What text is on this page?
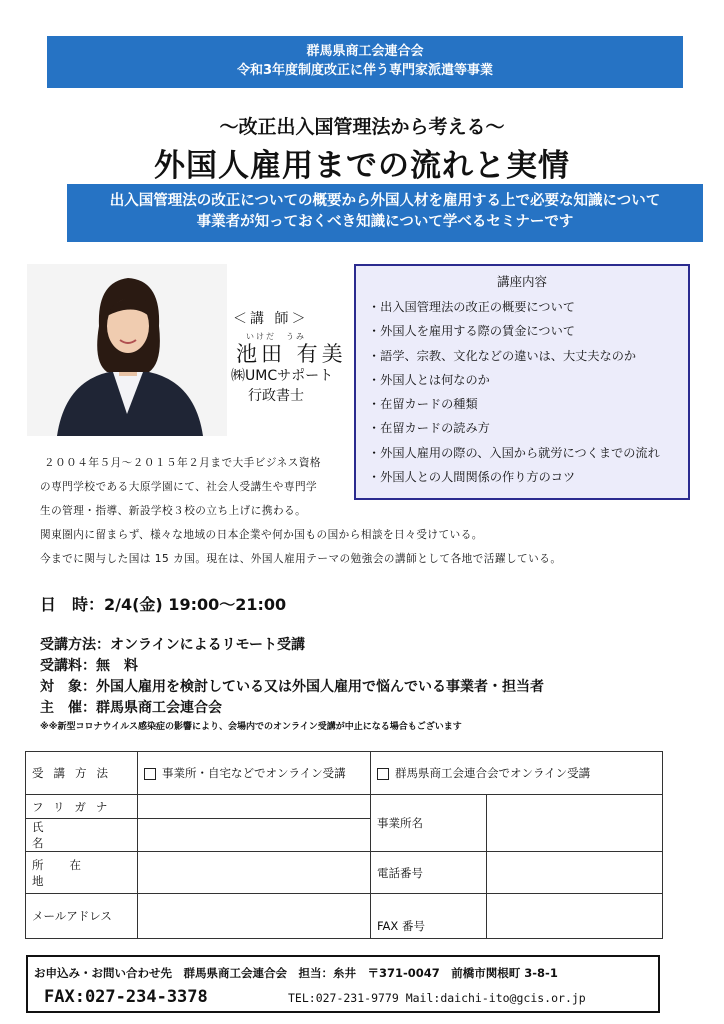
群馬県商工会連合会
令和3年度制度改正に伴う専門家派遣等事業
～改正出入国管理法から考える～
外国人雇用までの流れと実情
出入国管理法の改正についての概要から外国人材を雇用する上で必要な知識について
事業者が知っておくべき知識について学べるセミナーです
＜講 師＞
いけだ　うみ
池田 有美
㈱UMCサポート
行政書士
講座内容
・出入国管理法の改正の概要について
・外国人を雇用する際の賃金について
・語学、宗教、文化などの違いは、大丈夫なのか
・外国人とは何なのか
・在留カードの種類
・在留カードの読み方
・外国人雇用の際の、入国から就労につくまでの流れ
・外国人との人間関係の作り方のコツ
２００４年５月～２０１５年２月まで大手ビジネス資格
の専門学校である大原学園にて、社会人受講生や専門学
生の管理・指導、新設学校３校の立ち上げに携わる。
関東圏内に留まらず、様々な地域の日本企業や何か国もの国から相談を日々受けている。
今までに関与した国は 15 カ国。現在は、外国人雇用テーマの勉強会の講師として各地で活躍している。
日　時：2/4(金) 19:00～21:00
受講方法：オンラインによるリモート受講
受講料：無　料
対　象：外国人雇用を検討している又は外国人雇用で悩んでいる事業者・担当者
主　催：群馬県商工会連合会
※※新型コロナウイルス感染症の影響により、会場内でのオンライン受講が中止になる場合もございます
受講方法	事業所・自宅などでオンライン受講	群馬県商工会連合会でオンライン受講	
フリガナ		事業所名	
氏名			
所在地		電話番号	
メールアドレス		FAX 番号	
お申込み・お問い合わせ先　群馬県商工会連合会　担当：糸井　〒371-0047　前橋市関根町 3-8-1
FAX:027-234-3378	TEL:027-231-9779 Mail:daichi-ito@gcis.or.jp
